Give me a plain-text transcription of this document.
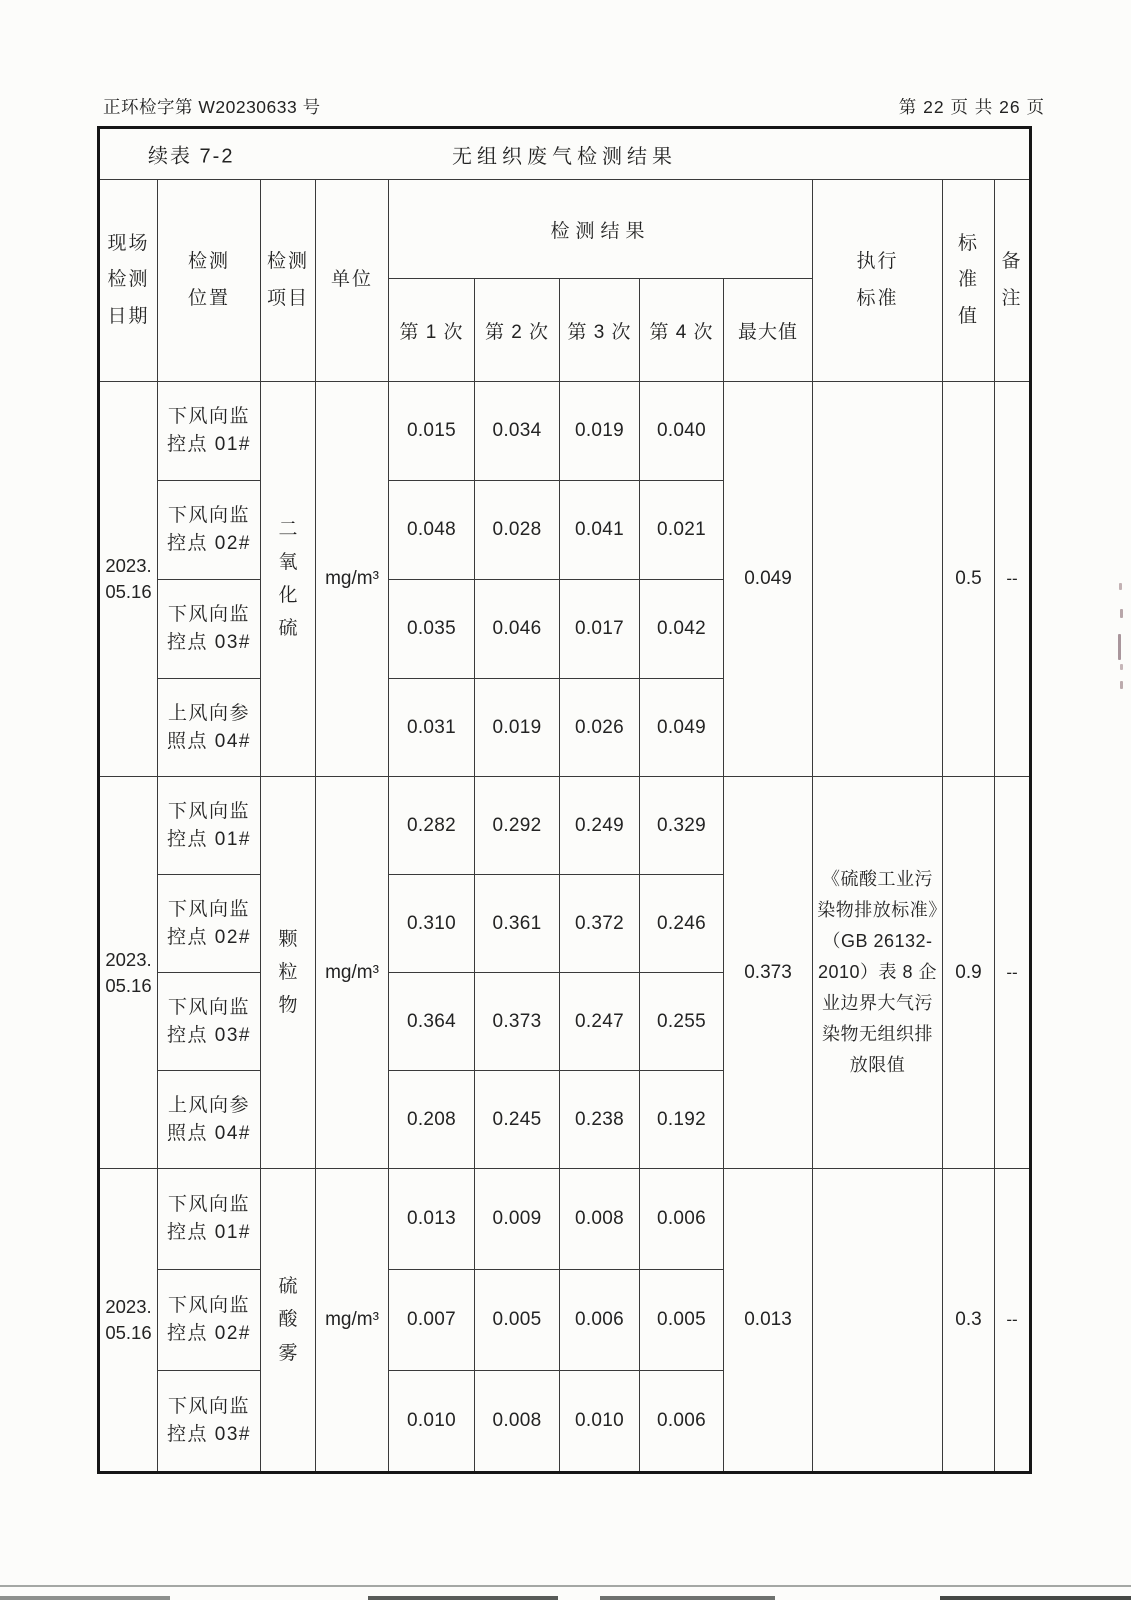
正环检字第 W20230633 号	第 22 页 共 26 页
续表 7-2 无组织废气检测结果											
现场检测日期	检测位置	检测项目	单位	检测结果					执行标准	标准值	备注
				第 1 次	第 2 次	第 3 次	第 4 次	最大值			
2023. 05.16	下风向监控点 01#	二氧化硫	mg/m³	0.015	0.034	0.019	0.040	0.049		0.5	--
	下风向监控点 02#			0.048	0.028	0.041	0.021				
	下风向监控点 03#			0.035	0.046	0.017	0.042				
	上风向参照点 04#			0.031	0.019	0.026	0.049				
2023. 05.16	下风向监控点 01#	颗粒物	mg/m³	0.282	0.292	0.249	0.329	0.373	《硫酸工业污染物排放标准》（GB 26132-2010）表 8 企业边界大气污染物无组织排放限值	0.9	--
	下风向监控点 02#			0.310	0.361	0.372	0.246				
	下风向监控点 03#			0.364	0.373	0.247	0.255				
	上风向参照点 04#			0.208	0.245	0.238	0.192				
2023. 05.16	下风向监控点 01#	硫酸雾	mg/m³	0.013	0.009	0.008	0.006	0.013		0.3	--
	下风向监控点 02#			0.007	0.005	0.006	0.005				
	下风向监控点 03#			0.010	0.008	0.010	0.006				
